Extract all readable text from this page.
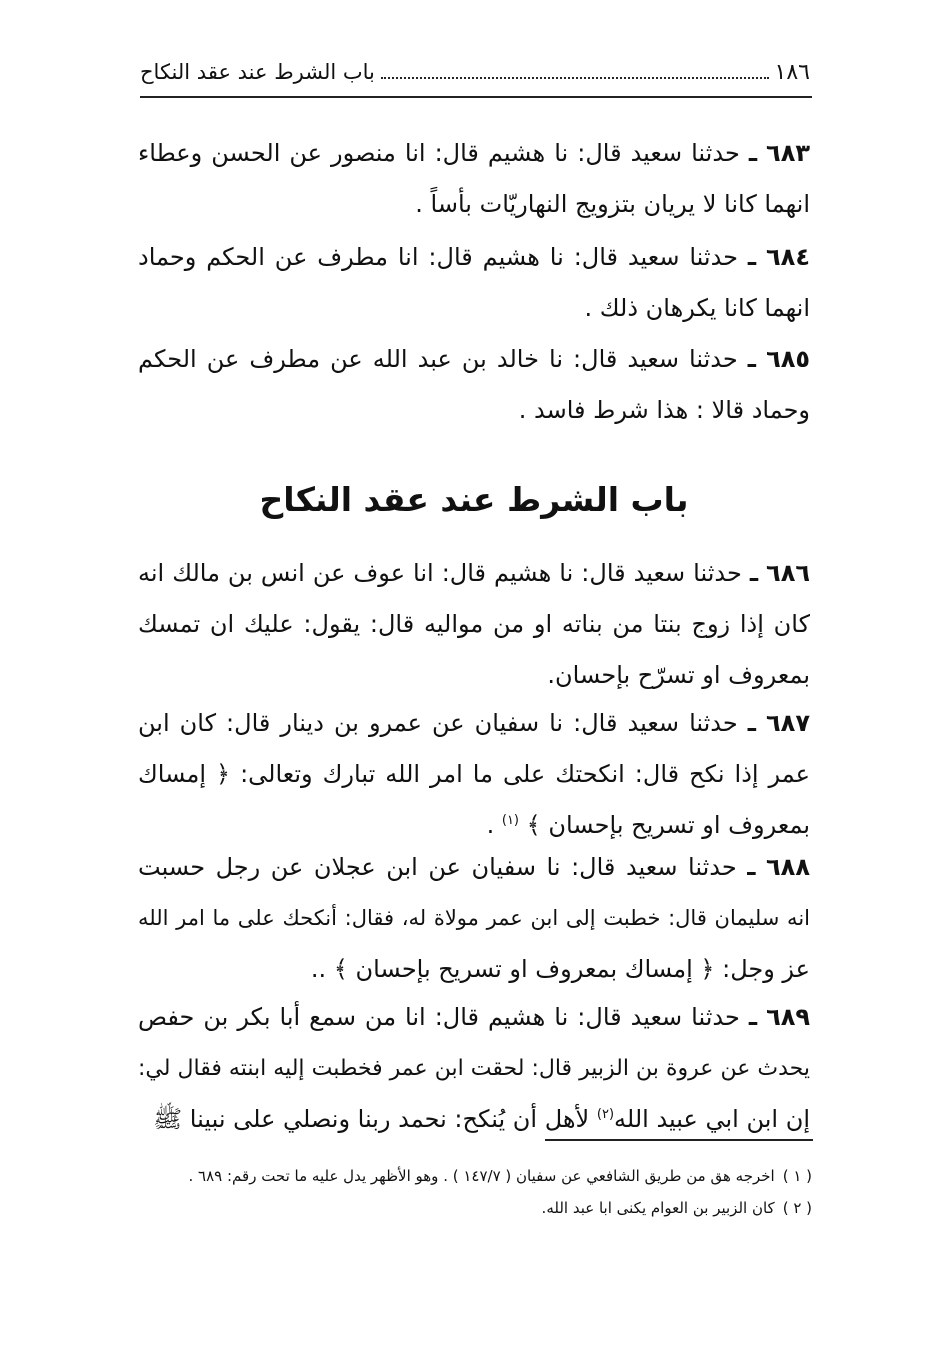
١٨٦
باب الشرط عند عقد النكاح
٦٨٣ ـ حدثنا سعيد قال: نا هشيم قال: انا منصور عن الحسن وعطاء
انهما كانا لا يريان بتزويج النهاريّات بأساً .
٦٨٤ ـ حدثنا سعيد قال: نا هشيم قال: انا مطرف عن الحكم وحماد
انهما كانا يكرهان ذلك .
٦٨٥ ـ حدثنا سعيد قال: نا خالد بن عبد الله عن مطرف عن الحكم
وحماد قالا : هذا شرط فاسد .
باب الشرط عند عقد النكاح
٦٨٦ ـ حدثنا سعيد قال: نا هشيم قال: انا عوف عن انس بن مالك انه
كان إذا زوج بنتا من بناته او من مواليه قال: يقول: عليك ان تمسك
بمعروف او تسرّح بإحسان.
٦٨٧ ـ حدثنا سعيد قال: نا سفيان عن عمرو بن دينار قال: كان ابن
عمر إذا نكح قال: انكحتك على ما امر الله تبارك وتعالى: ﴿ إمساك
بمعروف او تسريح بإحسان ﴾ $^{(١)}$ .
٦٨٨ ـ حدثنا سعيد قال: نا سفيان عن ابن عجلان عن رجل حسبت
انه سليمان قال: خطبت إلى ابن عمر مولاة له، فقال: أنكحك على ما امر الله
عز وجل: ﴿ إمساك بمعروف او تسريح بإحسان ﴾ ..
٦٨٩ ـ حدثنا سعيد قال: نا هشيم قال: انا من سمع أبا بكر بن حفص
يحدث عن عروة بن الزبير قال: لحقت ابن عمر فخطبت إليه ابنته فقال لي:
إن ابن ابي عبيد الله$^{(٢)}$ لأهل أن يُنكح: نحمد ربنا ونصلي على نبينا ﷺ
( ١ )اخرجه هق من طريق الشافعي عن سفيان ( ١٤٧/٧ ) . وهو الأظهر يدل عليه ما تحت رقم: ٦٨٩ .
( ٢ )كان الزبير بن العوام يكنى ابا عبد الله.
